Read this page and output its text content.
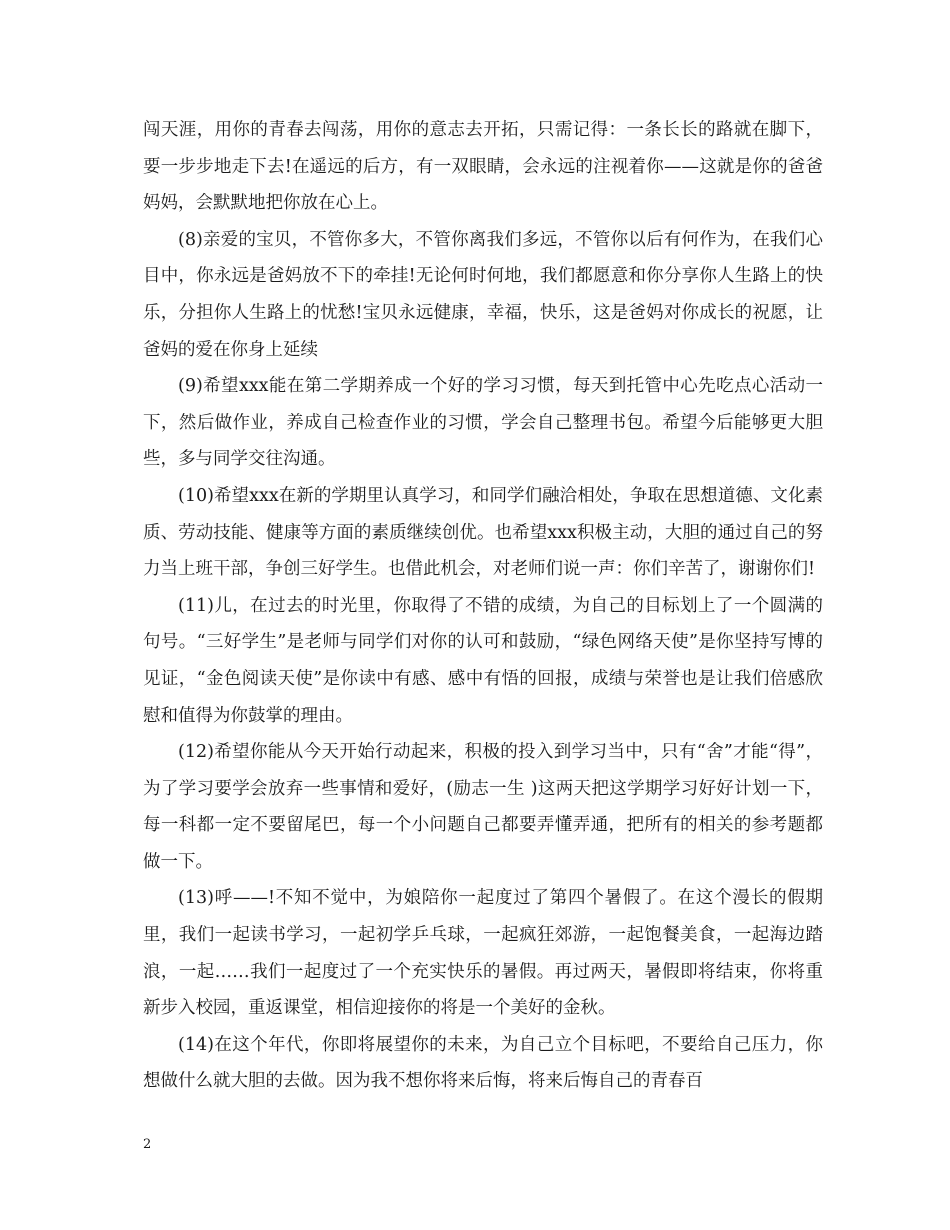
闯天涯，用你的青春去闯荡，用你的意志去开拓，只需记得：一条长长的路就在脚下，要一步步地走下去!在遥远的后方，有一双眼睛，会永远的注视着你——这就是你的爸爸妈妈，会默默地把你放在心上。

(8)亲爱的宝贝，不管你多大，不管你离我们多远，不管你以后有何作为，在我们心目中，你永远是爸妈放不下的牵挂!无论何时何地，我们都愿意和你分享你人生路上的快乐，分担你人生路上的忧愁!宝贝永远健康，幸福，快乐，这是爸妈对你成长的祝愿，让爸妈的爱在你身上延续

(9)希望xxx能在第二学期养成一个好的学习习惯，每天到托管中心先吃点心活动一下，然后做作业，养成自己检查作业的习惯，学会自己整理书包。希望今后能够更大胆些，多与同学交往沟通。

(10)希望xxx在新的学期里认真学习，和同学们融洽相处，争取在思想道德、文化素质、劳动技能、健康等方面的素质继续创优。也希望xxx积极主动，大胆的通过自己的努力当上班干部，争创三好学生。也借此机会，对老师们说一声：你们辛苦了，谢谢你们!

(11)儿，在过去的时光里，你取得了不错的成绩，为自己的目标划上了一个圆满的句号。“三好学生”是老师与同学们对你的认可和鼓励，“绿色网络天使”是你坚持写博的见证，“金色阅读天使”是你读中有感、感中有悟的回报，成绩与荣誉也是让我们倍感欣慰和值得为你鼓掌的理由。

(12)希望你能从今天开始行动起来，积极的投入到学习当中，只有“舍”才能“得”，为了学习要学会放弃一些事情和爱好，(励志一生 )这两天把这学期学习好好计划一下，每一科都一定不要留尾巴，每一个小问题自己都要弄懂弄通，把所有的相关的参考题都做一下。

(13)呼——!不知不觉中，为娘陪你一起度过了第四个暑假了。在这个漫长的假期里，我们一起读书学习，一起初学乒乓球，一起疯狂郊游，一起饱餐美食，一起海边踏浪，一起……我们一起度过了一个充实快乐的暑假。再过两天，暑假即将结束，你将重新步入校园，重返课堂，相信迎接你的将是一个美好的金秋。

(14)在这个年代，你即将展望你的未来，为自己立个目标吧，不要给自己压力，你想做什么就大胆的去做。因为我不想你将来后悔，将来后悔自己的青春百

2
